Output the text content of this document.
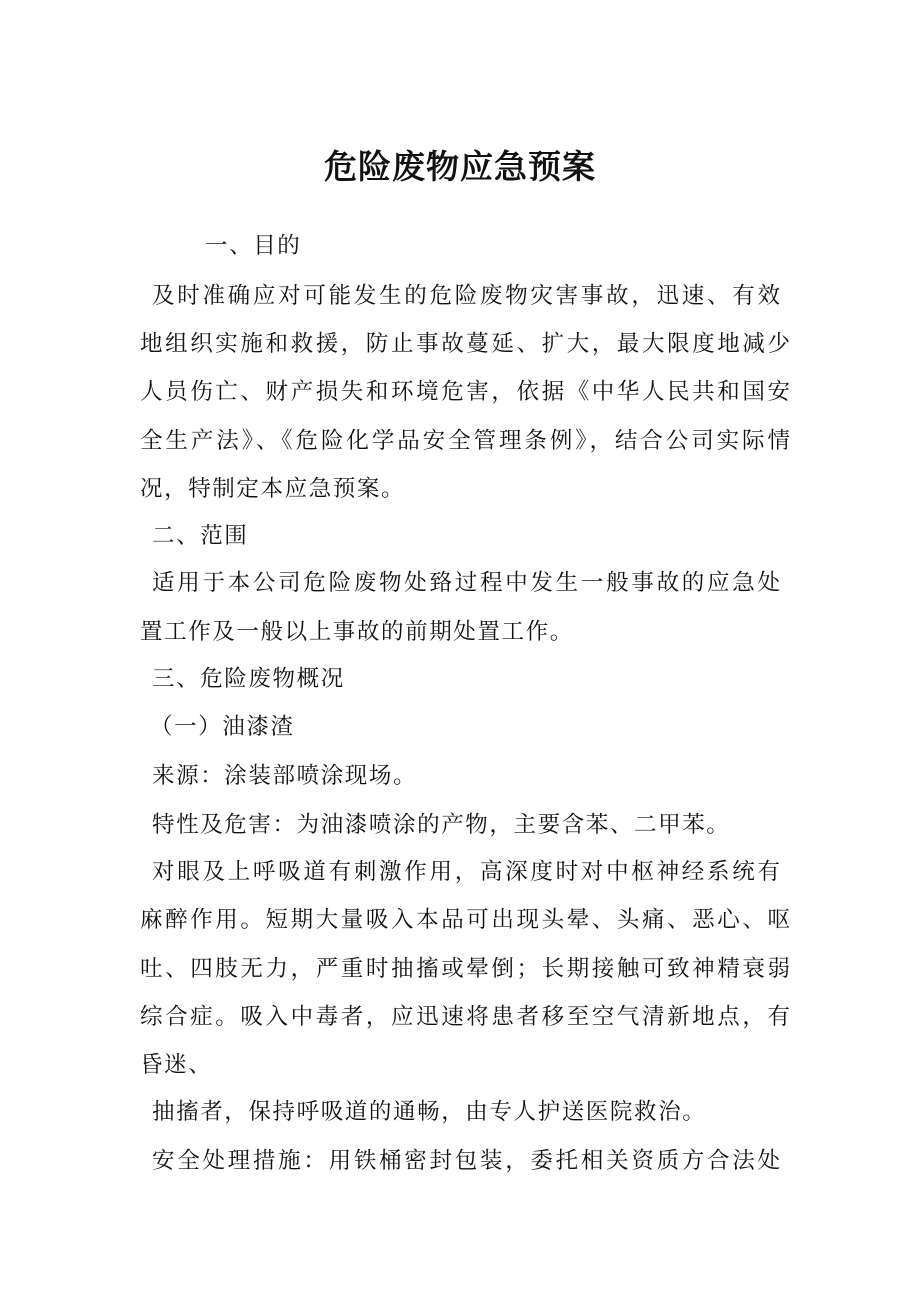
危险废物应急预案
一、目的
及时准确应对可能发生的危险废物灾害事故，迅速、有效
地组织实施和救援，防止事故蔓延、扩大，最大限度地减少
人员伤亡、财产损失和环境危害，依据《中华人民共和国安
全生产法》、《危险化学品安全管理条例》，结合公司实际情
况，特制定本应急预案。
二、范围
适用于本公司危险废物处臵过程中发生一般事故的应急处
置工作及一般以上事故的前期处置工作。
三、危险废物概况
（一）油漆渣
来源：涂装部喷涂现场。
特性及危害：为油漆喷涂的产物，主要含苯、二甲苯。
对眼及上呼吸道有刺激作用，高深度时对中枢神经系统有
麻醉作用。短期大量吸入本品可出现头晕、头痛、恶心、呕
吐、四肢无力，严重时抽搐或晕倒；长期接触可致神精衰弱
综合症。吸入中毒者，应迅速将患者移至空气清新地点，有
昏迷、
抽搐者，保持呼吸道的通畅，由专人护送医院救治。
安全处理措施：用铁桶密封包装，委托相关资质方合法处
